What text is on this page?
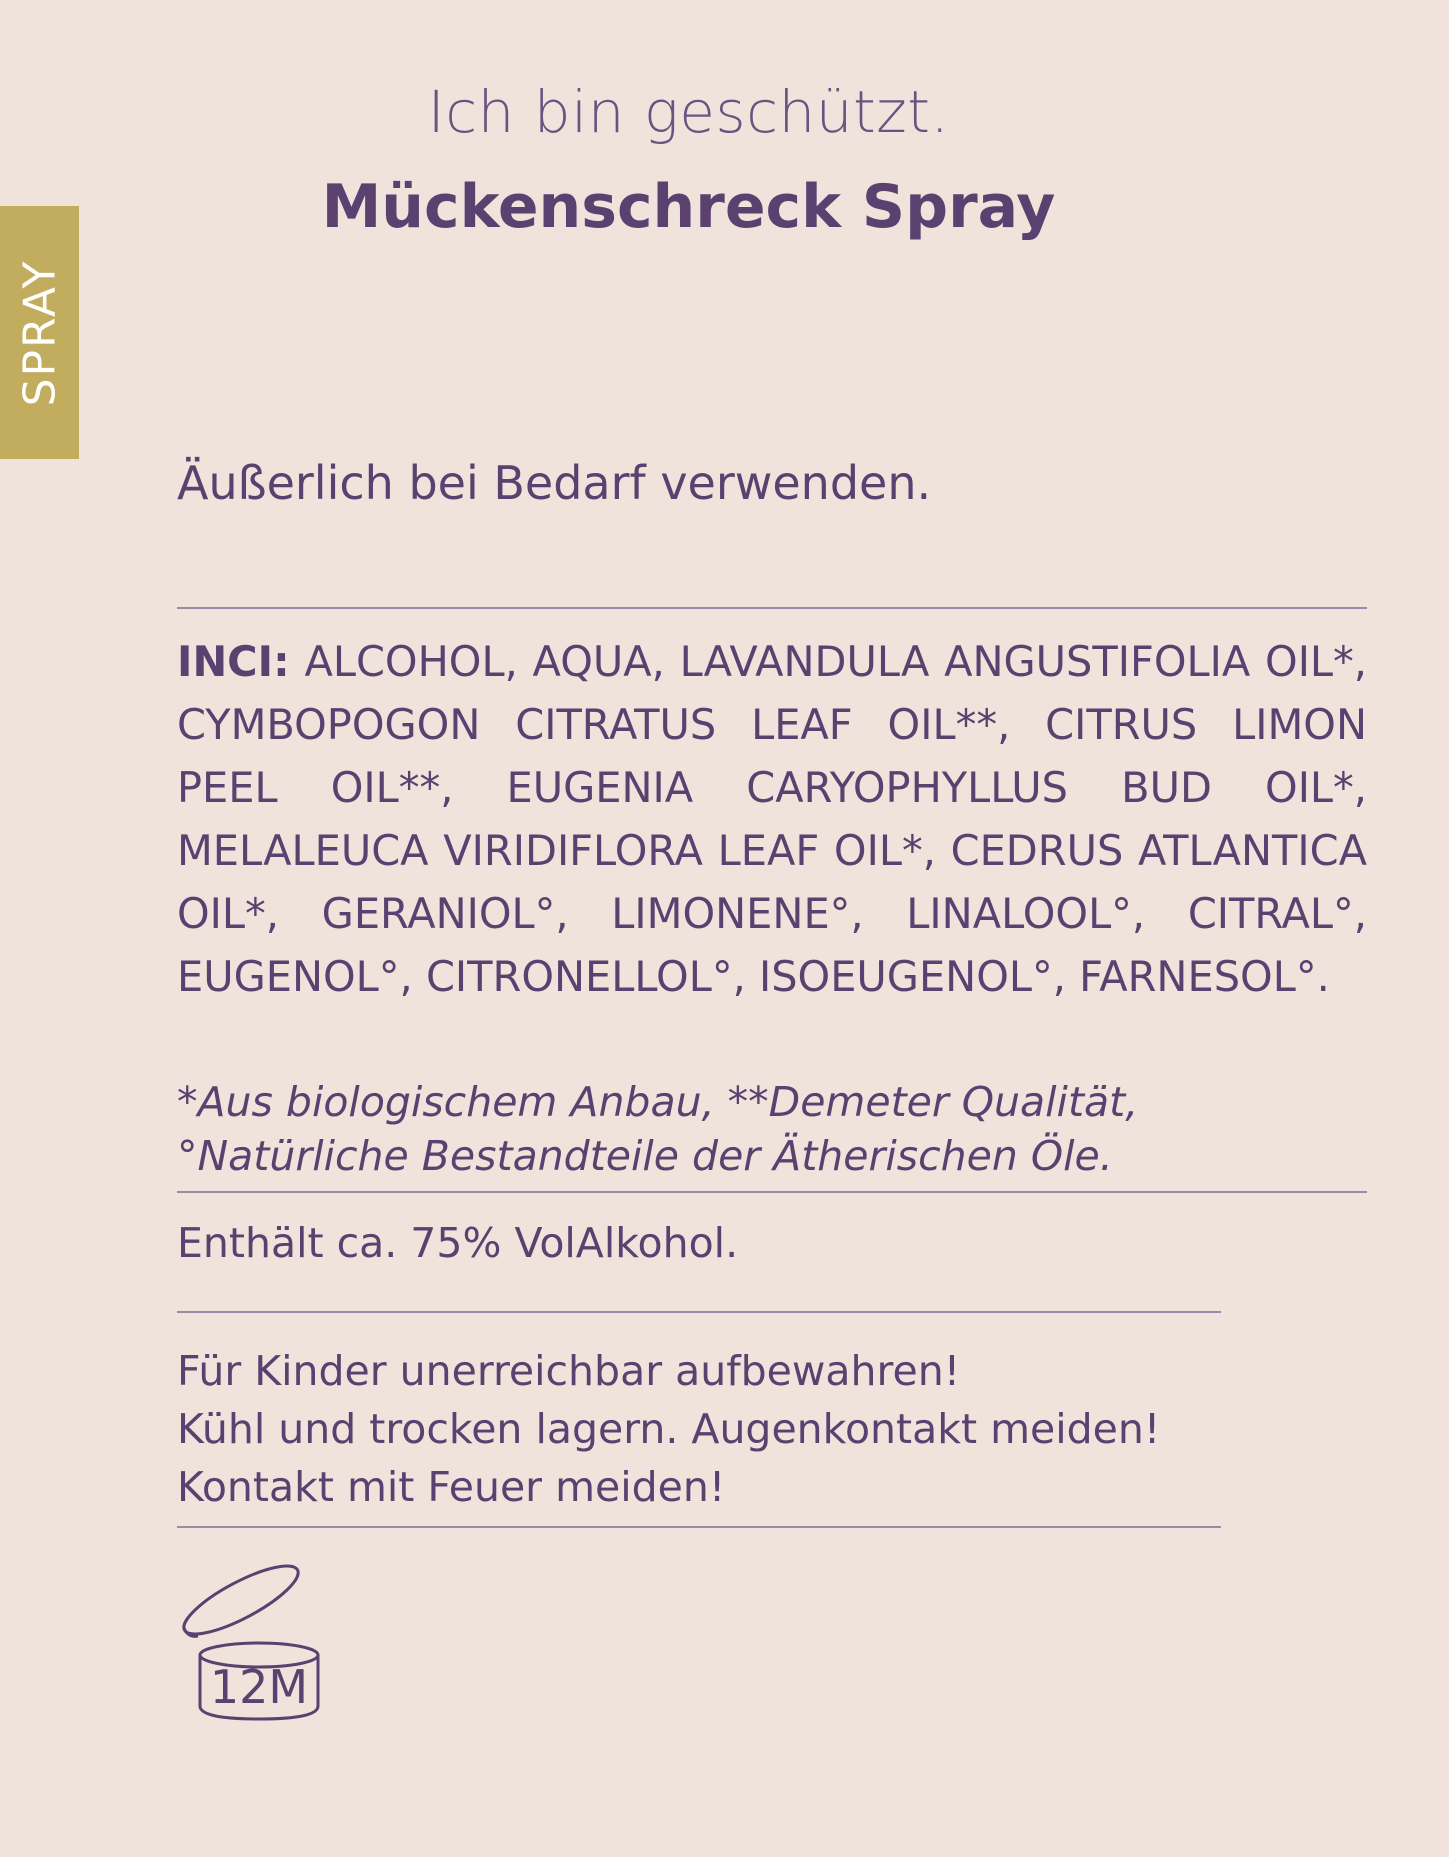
SPRAY
Ich bin geschützt.
Mückenschreck Spray
Äußerlich bei Bedarf verwenden.

INCI: ALCOHOL, AQUA, LAVANDULA ANGUSTIFOLIA OIL*, CYMBOPOGON CITRATUS LEAF OIL**, CITRUS LIMON PEEL OIL**, EUGENIA CARYOPHYLLUS BUD OIL*, MELALEUCA VIRIDIFLORA LEAF OIL*, CEDRUS ATLANTICA OIL*, GERANIOL°, LIMONENE°, LINALOOL°, CITRAL°, EUGENOL°, CITRONELLOL°, ISOEUGENOL°, FARNESOL°.

*Aus biologischem Anbau, **Demeter Qualität,
°Natürliche Bestandteile der Ätherischen Öle.
Enthält ca. 75% VolAlkohol.
Für Kinder unerreichbar aufbewahren!
Kühl und trocken lagern. Augenkontakt meiden!
Kontakt mit Feuer meiden!
12M
